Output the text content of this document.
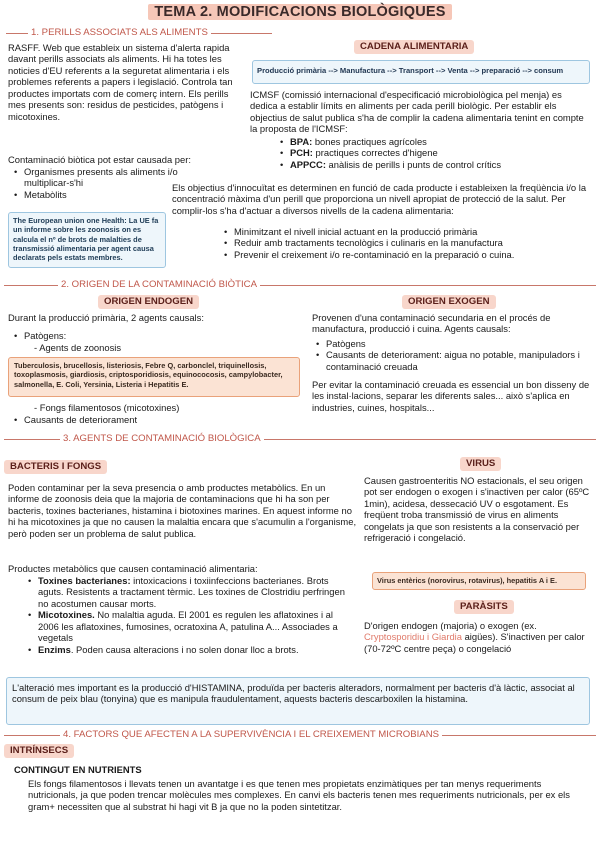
TEMA 2. MODIFICACIONS BIOLÒGIQUES
1. PERILLS ASSOCIATS ALS ALIMENTS
RASFF. Web que estableix un sistema d'alerta rapida davant perills associats als aliments. Hi ha totes les noticies d'EU referents a la seguretat alimentaria i els problemes referents a papers i legislació. Controla tan productes importats com de comerç intern. Els perills mes presents son: residus de pesticides, patògens i micotoxines.
Contaminació biòtica pot estar causada per:
• Organismes presents als aliments i/o multiplicar-s'hi
• Metabòlits
The European union one Health: La UE fa un informe sobre les zoonosis on es calcula el nº de brots de malalties de transmissió alimentaria per agent causa declarats pels estats membres.
CADENA ALIMENTARIA
Producció primària --> Manufactura --> Transport --> Venta --> preparació --> consum
ICMSF (comissió internacional d'especificació microbiològica pel menja) es dedica a establir límits en aliments per cada perill biològic. Per establir els objectius de salut publica s'ha de complir la cadena alimentaria tenint en compte la proposta de l'ICMSF:
• BPA: bones practiques agrícoles
• PCH: practiques correctes d'higene
• APPCC: anàlisis de perills i punts de control crítics
Els objectius d'innocuïtat es determinen en funció de cada producte i estableixen la freqüència i/o la concentració màxima d'un perill que proporciona un nivell apropiat de protecció de la salut. Per complir-los s'ha d'actuar a diversos nivells de la cadena alimentaria:
• Minimitzant el nivell inicial actuant en la producció primària
• Reduir amb tractaments tecnològics i culinaris en la manufactura
• Prevenir el creixement i/o re-contaminació en la preparació o cuina.
2. ORIGEN DE LA CONTAMINACIÓ BIÒTICA
ORIGEN ENDOGEN
Durant la producció primària, 2 agents causals:
• Patògens:
- Agents de zoonosis
Tuberculosis, brucellosis, listeriosis, Febre Q, carbonclel, triquinellosis, toxoplasmosis, giardiosis, criptosporidiosis, equinococosis, campylobacter, salmonella, E. Coli, Yersinia, Listeria i Hepatitis E.
- Fongs filamentosos (micotoxines)
• Causants de deteriorament
ORIGEN EXOGEN
Provenen d'una contaminació secundaria en el procés de manufactura, producció i cuina. Agents causals:
• Patògens
• Causants de deteriorament: aigua no potable, manipuladors i contaminació creuada
Per evitar la contaminació creuada es essencial un bon disseny de les instal·lacions, separar les diferents sales... això s'aplica en industries, cuines, hospitals...
3. AGENTS DE CONTAMINACIÓ BIOLÒGICA
BACTERIS I FONGS
Poden contaminar per la seva presencia o amb productes metabòlics. En un informe de zoonosis deia que la majoria de contaminacions que hi ha son per bacteris, toxines bacterianes, histamina i biotoxines marines. En aquest informe no hi ha micotoxines ja que no causen la malaltia encara que s'acumulin a l'organisme, però poden ser un problema de salut publica.
Productes metabòlics que causen contaminació alimentaria:
• Toxines bacterianes: intoxicacions i toxiinfeccions bacterianes. Brots aguts. Resistents a tractament tèrmic. Les toxines de Clostridiu perfringen no acostumen causar morts.
• Micotoxines. No malaltia aguda. El 2001 es regulen les aflatoxines i al 2006 les aflatoxines, fumosines, ocratoxina A, patulina A... Associades a vegetals
• Enzims. Poden causa alteracions i no solen donar lloc a brots.
VIRUS
Causen gastroenteritis NO estacionals, el seu origen pot ser endogen o exogen i s'inactiven per calor (65ºC 1min), acidesa, dessecació UV o esgotament. Es freqüent troba transmissió de virus en aliments congelats ja que son resistents a la conservació per refrigeració i congelació.
Virus entèrics (norovirus, rotavirus), hepatitis A i E.
PARÀSITS
D'origen endogen (majoria) o exogen (ex. Cryptosporidiu i Giardia aigües). S'inactiven per calor (70-72ºC centre peça) o congelació
L'alteració mes important es la producció d'HISTAMINA, produïda per bacteris alteradors, normalment per bacteris d'à làctic, associat al consum de peix blau (tonyina) que es manipula fraudulentament, aquests bacteris descarboxilen la histamina.
4. FACTORS QUE AFECTEN A LA SUPERVIVÈNCIA I EL CREIXEMENT MICROBIANS
INTRÍNSECS
CONTINGUT EN NUTRIENTS
Els fongs filamentosos i llevats tenen un avantatge i es que tenen mes propietats enzimàtiques per tan menys requeriments nutricionals, ja que poden trencar molècules mes complexes. En canvi els bacteris tenen mes requeriments nutricionals, per ex els gram+ necessiten que al substrat hi hagi vit B ja que no la poden sintetitzar.
